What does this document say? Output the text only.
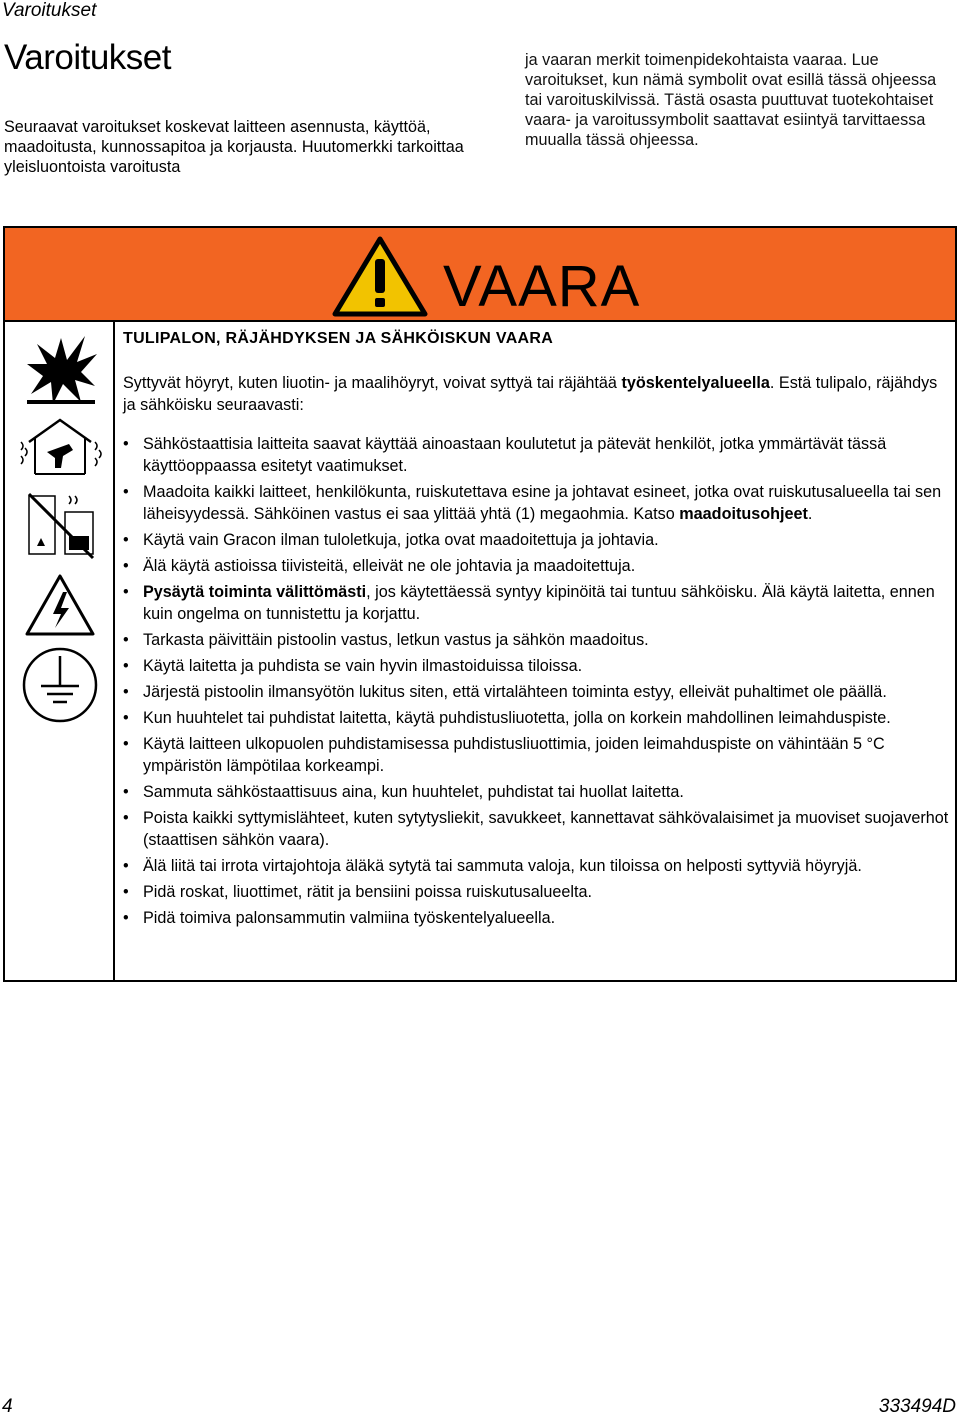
Varoitukset
Varoitukset
Seuraavat varoitukset koskevat laitteen asennusta, käyttöä, maadoitusta, kunnossapitoa ja korjausta. Huutomerkki tarkoittaa yleisluontoista varoitusta
ja vaaran merkit toimenpidekohtaista vaaraa. Lue varoitukset, kun nämä symbolit ovat esillä tässä ohjeessa tai varoituskilvissä. Tästä osasta puuttuvat tuotekohtaiset vaara- ja varoitussymbolit saattavat esiintyä tarvittaessa muualla tässä ohjeessa.
VAARA
TULIPALON, RÄJÄHDYKSEN JA SÄHKÖISKUN VAARA
Syttyvät höyryt, kuten liuotin- ja maalihöyryt, voivat syttyä tai räjähtää työskentelyalueella. Estä tulipalo, räjähdys ja sähköisku seuraavasti:
• Sähköstaattisia laitteita saavat käyttää ainoastaan koulutetut ja pätevät henkilöt, jotka ymmärtävät tässä käyttöoppaassa esitetyt vaatimukset.
• Maadoita kaikki laitteet, henkilökunta, ruiskutettava esine ja johtavat esineet, jotka ovat ruiskutusalueella tai sen läheisyydessä. Sähköinen vastus ei saa ylittää yhtä (1) megaohmia. Katso maadoitusohjeet.
• Käytä vain Gracon ilman tuloletkuja, jotka ovat maadoitettuja ja johtavia.
• Älä käytä astioissa tiivisteitä, elleivät ne ole johtavia ja maadoitettuja.
• Pysäytä toiminta välittömästi, jos käytettäessä syntyy kipinöitä tai tuntuu sähköisku. Älä käytä laitetta, ennen kuin ongelma on tunnistettu ja korjattu.
• Tarkasta päivittäin pistoolin vastus, letkun vastus ja sähkön maadoitus.
• Käytä laitetta ja puhdista se vain hyvin ilmastoiduissa tiloissa.
• Järjestä pistoolin ilmansyötön lukitus siten, että virtalähteen toiminta estyy, elleivät puhaltimet ole päällä.
• Kun huuhtelet tai puhdistat laitetta, käytä puhdistusliuotetta, jolla on korkein mahdollinen leimahduspiste.
• Käytä laitteen ulkopuolen puhdistamisessa puhdistusliuottimia, joiden leimahduspiste on vähintään 5 °C ympäristön lämpötilaa korkeampi.
• Sammuta sähköstaattisuus aina, kun huuhtelet, puhdistat tai huollat laitetta.
• Poista kaikki syttymislähteet, kuten sytytysliekit, savukkeet, kannettavat sähkövalaisimet ja muoviset suojaverhot (staattisen sähkön vaara).
• Älä liitä tai irrota virtajohtoja äläkä sytytä tai sammuta valoja, kun tiloissa on helposti syttyviä höyryjä.
• Pidä roskat, liuottimet, rätit ja bensiini poissa ruiskutusalueelta.
• Pidä toimiva palonsammutin valmiina työskentelyalueella.
4	333494D
